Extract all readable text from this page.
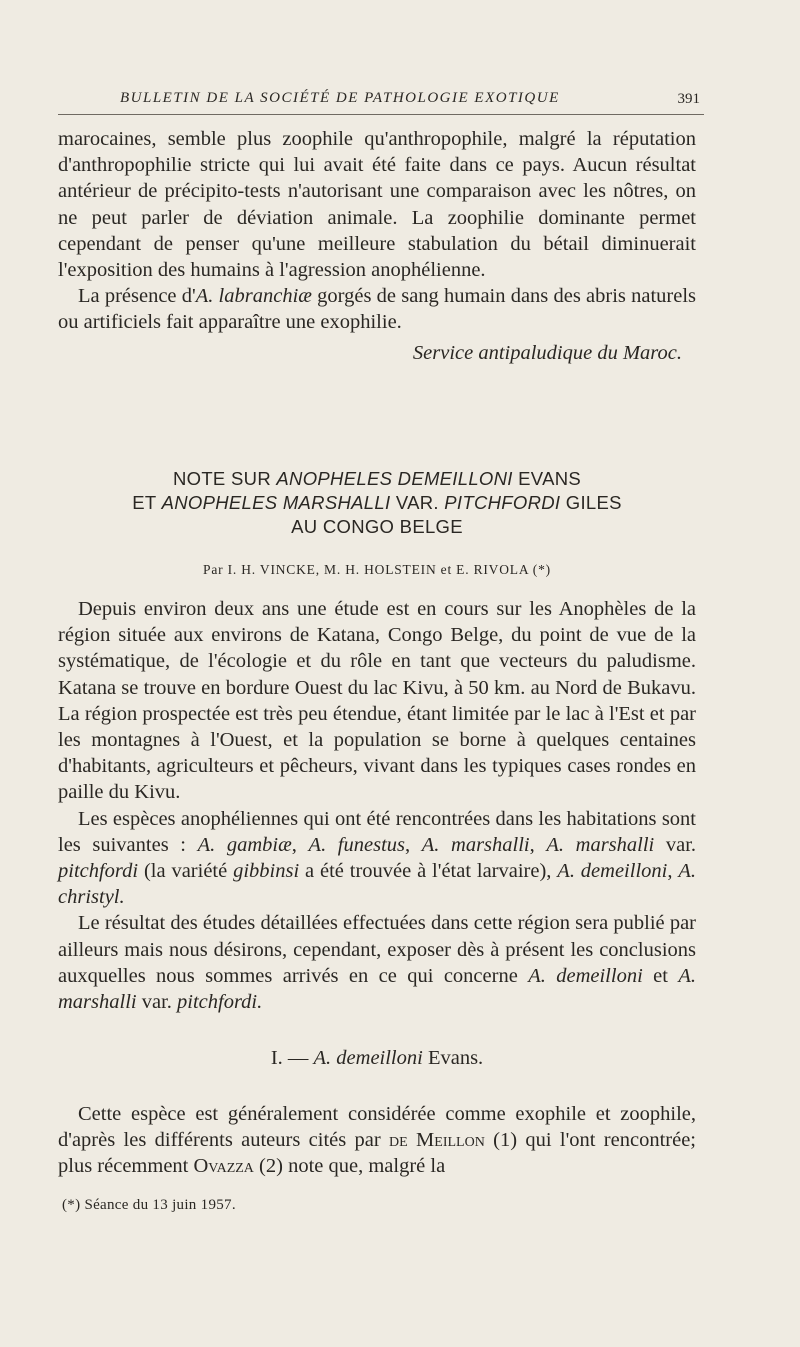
BULLETIN DE LA SOCIÉTÉ DE PATHOLOGIE EXOTIQUE	391

marocaines, semble plus zoophile qu'anthropophile, malgré la réputation d'anthropophilie stricte qui lui avait été faite dans ce pays. Aucun résultat antérieur de précipito-tests n'autorisant une comparaison avec les nôtres, on ne peut parler de déviation animale. La zoophilie dominante permet cependant de penser qu'une meilleure stabulation du bétail diminuerait l'exposition des humains à l'agression anophélienne.

La présence d'A. labranchiæ gorgés de sang humain dans des abris naturels ou artificiels fait apparaître une exophilie.

Service antipaludique du Maroc.

NOTE SUR ANOPHELES DEMEILLONI EVANS
ET ANOPHELES MARSHALLI VAR. PITCHFORDI GILES
AU CONGO BELGE
Par I. H. VINCKE, M. H. HOLSTEIN et E. RIVOLA (*)

Depuis environ deux ans une étude est en cours sur les Anophèles de la région située aux environs de Katana, Congo Belge, du point de vue de la systématique, de l'écologie et du rôle en tant que vecteurs du paludisme. Katana se trouve en bordure Ouest du lac Kivu, à 50 km. au Nord de Bukavu. La région prospectée est très peu étendue, étant limitée par le lac à l'Est et par les montagnes à l'Ouest, et la population se borne à quelques centaines d'habitants, agriculteurs et pêcheurs, vivant dans les typiques cases rondes en paille du Kivu.

Les espèces anophéliennes qui ont été rencontrées dans les habitations sont les suivantes : A. gambiæ, A. funestus, A. marshalli, A. marshalli var. pitchfordi (la variété gibbinsi a été trouvée à l'état larvaire), A. demeilloni, A. christyl.

Le résultat des études détaillées effectuées dans cette région sera publié par ailleurs mais nous désirons, cependant, exposer dès à présent les conclusions auxquelles nous sommes arrivés en ce qui concerne A. demeilloni et A. marshalli var. pitchfordi.

I. — A. demeilloni Evans.

Cette espèce est généralement considérée comme exophile et zoophile, d'après les différents auteurs cités par de Meillon (1) qui l'ont rencontrée; plus récemment Ovazza (2) note que, malgré la

(*) Séance du 13 juin 1957.
